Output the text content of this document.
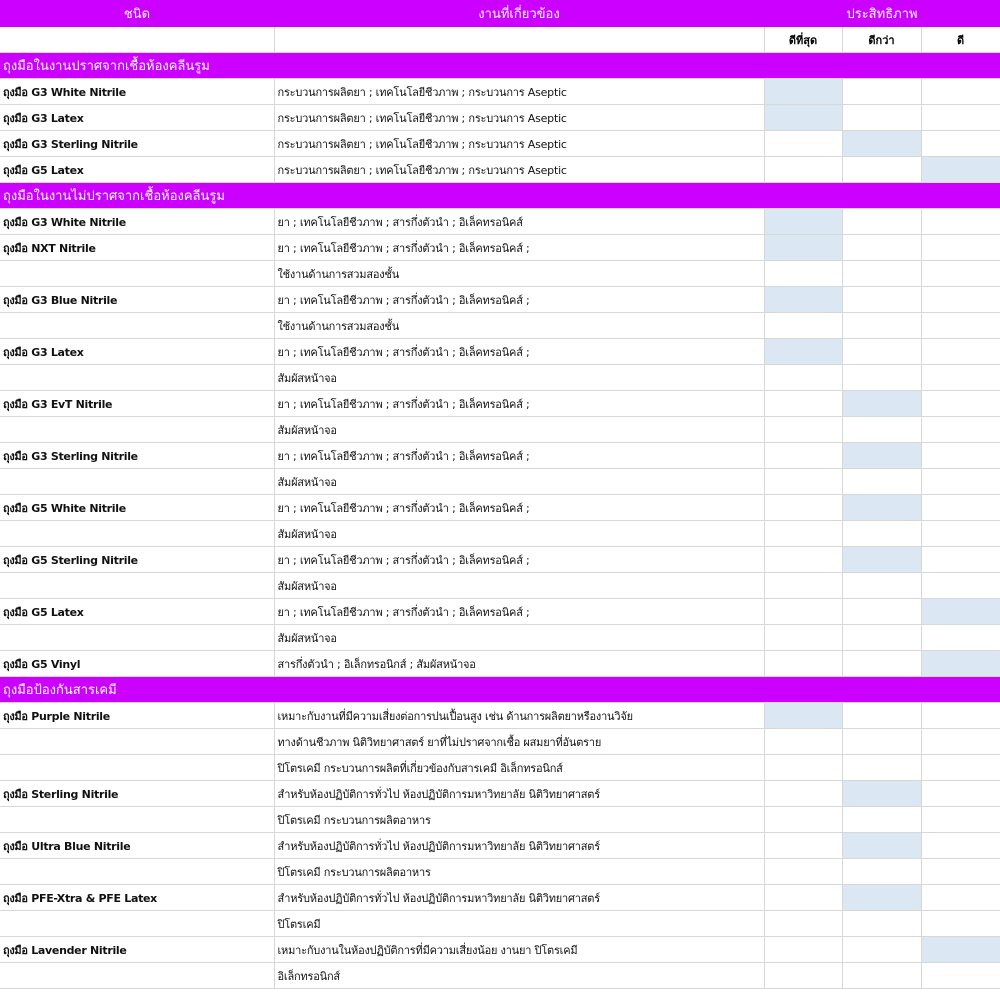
ชนิด	งานที่เกี่ยวข้อง	ประสิทธิภาพ		
		ดีที่สุด	ดีกว่า	ดี
ถุงมือในงานปราศจากเชื้อห้องคลีนรูม				
ถุงมือ G3 White Nitrile	กระบวนการผลิตยา ; เทคโนโลยีชีวภาพ ; กระบวนการ Aseptic			
ถุงมือ G3 Latex	กระบวนการผลิตยา ; เทคโนโลยีชีวภาพ ; กระบวนการ Aseptic			
ถุงมือ G3 Sterling Nitrile	กระบวนการผลิตยา ; เทคโนโลยีชีวภาพ ; กระบวนการ Aseptic			
ถุงมือ G5 Latex	กระบวนการผลิตยา ; เทคโนโลยีชีวภาพ ; กระบวนการ Aseptic			
ถุงมือในงานไม่ปราศจากเชื้อห้องคลีนรูม				
ถุงมือ G3 White Nitrile	ยา ; เทคโนโลยีชีวภาพ ; สารกึ่งตัวนำ ; อิเล็คทรอนิคส์			
ถุงมือ NXT Nitrile	ยา ; เทคโนโลยีชีวภาพ ; สารกึ่งตัวนำ ; อิเล็คทรอนิคส์ ;			
	ใช้งานด้านการสวมสองชั้น			
ถุงมือ G3 Blue Nitrile	ยา ; เทคโนโลยีชีวภาพ ; สารกึ่งตัวนำ ; อิเล็คทรอนิคส์ ;			
	ใช้งานด้านการสวมสองชั้น			
ถุงมือ G3 Latex	ยา ; เทคโนโลยีชีวภาพ ; สารกึ่งตัวนำ ; อิเล็คทรอนิคส์ ;			
	สัมผัสหน้าจอ			
ถุงมือ G3 EvT Nitrile	ยา ; เทคโนโลยีชีวภาพ ; สารกึ่งตัวนำ ; อิเล็คทรอนิคส์ ;			
	สัมผัสหน้าจอ			
ถุงมือ G3 Sterling Nitrile	ยา ; เทคโนโลยีชีวภาพ ; สารกึ่งตัวนำ ; อิเล็คทรอนิคส์ ;			
	สัมผัสหน้าจอ			
ถุงมือ G5 White Nitrile	ยา ; เทคโนโลยีชีวภาพ ; สารกึ่งตัวนำ ; อิเล็คทรอนิคส์ ;			
	สัมผัสหน้าจอ			
ถุงมือ G5 Sterling Nitrile	ยา ; เทคโนโลยีชีวภาพ ; สารกึ่งตัวนำ ; อิเล็คทรอนิคส์ ;			
	สัมผัสหน้าจอ			
ถุงมือ G5 Latex	ยา ; เทคโนโลยีชีวภาพ ; สารกึ่งตัวนำ ; อิเล็คทรอนิคส์ ;			
	สัมผัสหน้าจอ			
ถุงมือ G5 Vinyl	สารกึ่งตัวนำ ; อิเล็กทรอนิกส์ ; สัมผัสหน้าจอ			
ถุงมือป้องกันสารเคมี				
ถุงมือ Purple Nitrile	เหมาะกับงานที่มีความเสี่ยงต่อการปนเปื้อนสูง เช่น ด้านการผลิตยาหรืองานวิจัย			
	ทางด้านชีวภาพ นิติวิทยาศาสตร์ ยาที่ไม่ปราศจากเชื้อ ผสมยาที่อันตราย			
	ปิโตรเคมี กระบวนการผลิตที่เกี่ยวข้องกับสารเคมี อิเล็กทรอนิกส์			
ถุงมือ Sterling Nitrile	สำหรับห้องปฏิบัติการทั่วไป ห้องปฏิบัติการมหาวิทยาลัย นิติวิทยาศาสตร์			
	ปิโตรเคมี กระบวนการผลิตอาหาร			
ถุงมือ Ultra Blue Nitrile	สำหรับห้องปฏิบัติการทั่วไป ห้องปฏิบัติการมหาวิทยาลัย นิติวิทยาศาสตร์			
	ปิโตรเคมี กระบวนการผลิตอาหาร			
ถุงมือ PFE-Xtra & PFE Latex	สำหรับห้องปฏิบัติการทั่วไป ห้องปฏิบัติการมหาวิทยาลัย นิติวิทยาศาสตร์			
	ปิโตรเคมี			
ถุงมือ Lavender Nitrile	เหมาะกับงานในห้องปฏิบัติการที่มีความเสี่ยงน้อย งานยา ปิโตรเคมี			
	อิเล็กทรอนิกส์			
